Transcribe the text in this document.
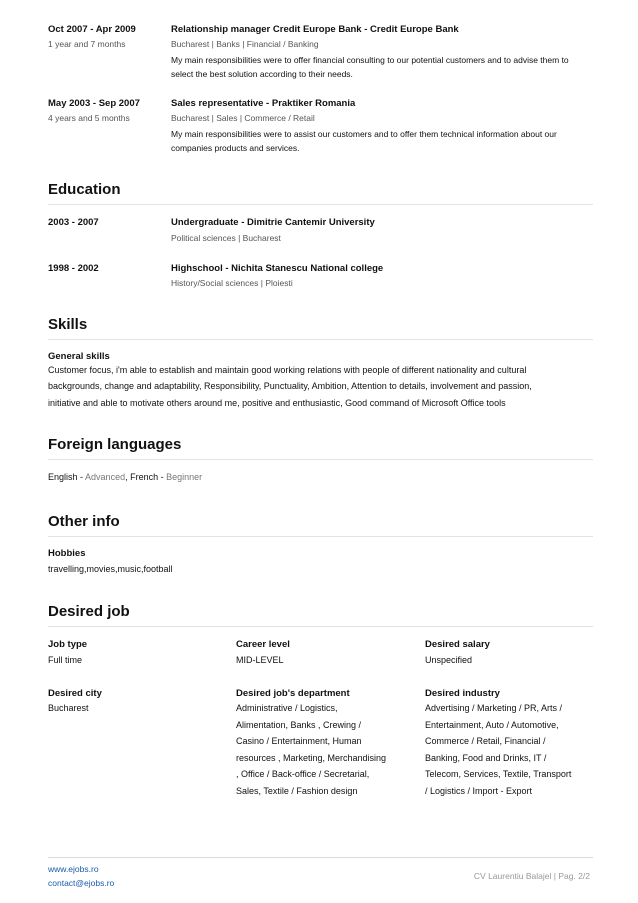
Oct 2007 - Apr 2009
1 year and 7 months
Relationship manager Credit Europe Bank - Credit Europe Bank
Bucharest | Banks | Financial / Banking
My main responsibilities were to offer financial consulting to our potential customers and to advise them to
select the best solution according to their needs.
May 2003 - Sep 2007
4 years and 5 months
Sales representative - Praktiker Romania
Bucharest | Sales | Commerce / Retail
My main responsibilities were to assist our customers and to offer them technical information about our
companies products and services.
Education
2003 - 2007	Undergraduate - Dimitrie Cantemir University
Political sciences | Bucharest
1998 - 2002	Highschool - Nichita Stanescu National college
History/Social sciences | Ploiesti
Skills
General skills
Customer focus, i'm able to establish and maintain good working relations with people of different nationality and cultural
backgrounds, change and adaptability, Responsibility, Punctuality, Ambition, Attention to details, involvement and passion,
initiative and able to motivate others around me, positive and enthusiastic, Good command of Microsoft Office tools
Foreign languages
English - Advanced, French - Beginner
Other info
Hobbies
travelling,movies,music,football
Desired job
Job type
Full time
Career level
MID-LEVEL
Desired salary
Unspecified
Desired city
Bucharest
Desired job's department
Administrative / Logistics,
Alimentation, Banks , Crewing /
Casino / Entertainment, Human
resources , Marketing, Merchandising
, Office / Back-office / Secretarial,
Sales, Textile / Fashion design
Desired industry
Advertising / Marketing / PR, Arts /
Entertainment, Auto / Automotive,
Commerce / Retail, Financial /
Banking, Food and Drinks, IT /
Telecom, Services, Textile, Transport
/ Logistics / Import - Export
www.ejobs.ro
contact@ejobs.ro
CV Laurentiu Balajel | Pag. 2/2
